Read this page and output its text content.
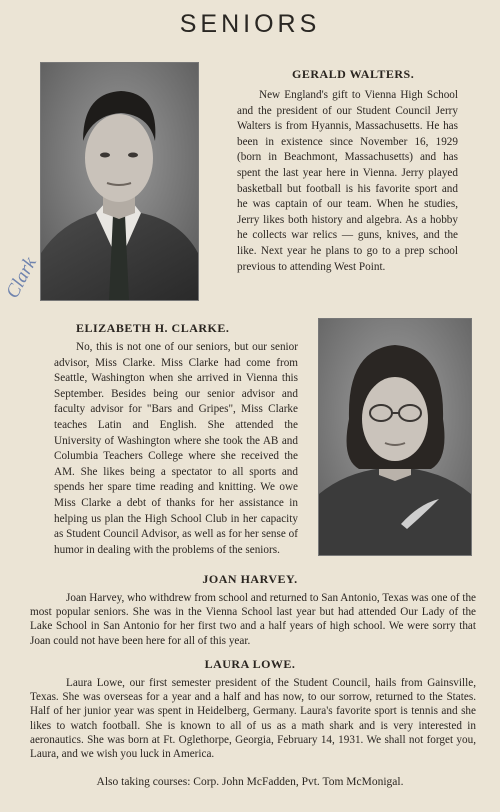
SENIORS
GERALD WALTERS.
New England's gift to Vienna High School and the president of our Student Council Jerry Walters is from Hyannis, Massachusetts. He has been in existence since November 16, 1929 (born in Beachmont, Massachusetts) and has spent the last year here in Vienna. Jerry played basketball but football is his favorite sport and he was captain of our team. When he studies, Jerry likes both history and algebra. As a hobby he collects war relics — guns, knives, and the like. Next year he plans to go to a prep school previous to attending West Point.
ELIZABETH H. CLARKE.
No, this is not one of our seniors, but our senior advisor, Miss Clarke. Miss Clarke had come from Seattle, Washington when she arrived in Vienna this September. Besides being our senior advisor and faculty advisor for "Bars and Gripes", Miss Clarke teaches Latin and English. She attended the University of Washington where she took the AB and Columbia Teachers College where she received the AM. She likes being a spectator to all sports and spends her spare time reading and knitting. We owe Miss Clarke a debt of thanks for her assistance in helping us plan the High School Club in her capacity as Student Council Advisor, as well as for her sense of humor in dealing with the problems of the seniors.
JOAN HARVEY.
Joan Harvey, who withdrew from school and returned to San Antonio, Texas was one of the most popular seniors. She was in the Vienna School last year but had attended Our Lady of the Lake School in San Antonio for her first two and a half years of high school. We were sorry that Joan could not have been here for all of this year.
LAURA LOWE.
Laura Lowe, our first semester president of the Student Council, hails from Gainsville, Texas. She was overseas for a year and a half and has now, to our sorrow, returned to the States. Half of her junior year was spent in Heidelberg, Germany. Laura's favorite sport is tennis and she likes to watch football. She is known to all of us as a math shark and is very interested in aeronautics. She was born at Ft. Oglethorpe, Georgia, February 14, 1931. We shall not forget you, Laura, and we wish you luck in America.
Also taking courses: Corp. John McFadden, Pvt. Tom McMonigal.
Clark
